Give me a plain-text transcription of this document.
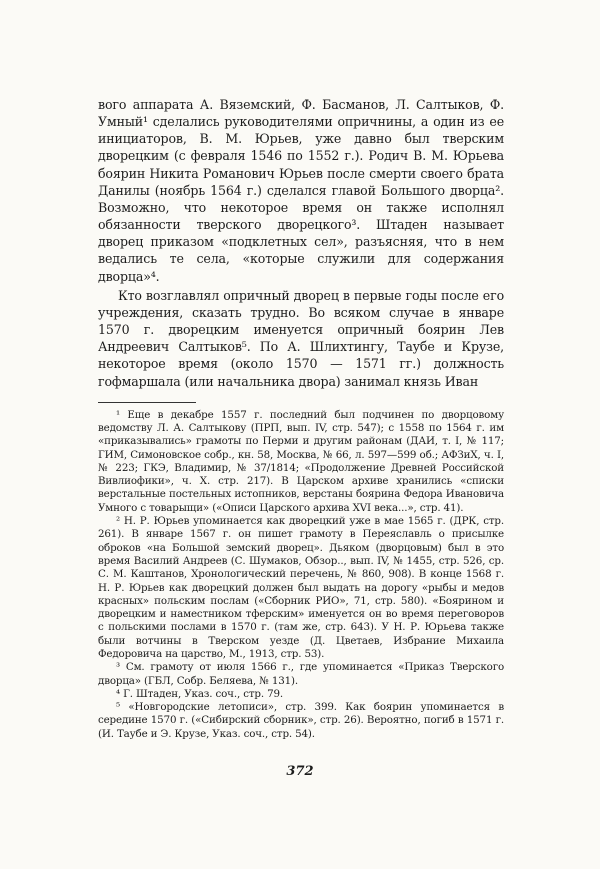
вого аппарата А. Вяземский, Ф. Басманов, Л. Салтыков, Ф. Умный¹ сделались руководителями опричнины, а один из ее инициаторов, В. М. Юрьев, уже давно был тверским дворецким (с февраля 1546 по 1552 г.). Родич В. М. Юрьева боярин Никита Романович Юрьев после смерти своего брата Данилы (ноябрь 1564 г.) сделался главой Большого дворца². Возможно, что некоторое время он также исполнял обязанности тверского дворецкого³. Штаден называет дворец приказом «подклетных сел», разъясняя, что в нем ведались те села, «которые служили для содержания дворца»⁴.

Кто возглавлял опричный дворец в первые годы после его учреждения, сказать трудно. Во всяком случае в январе 1570 г. дворецким именуется опричный боярин Лев Андреевич Салтыков⁵. По А. Шлихтингу, Таубе и Крузе, некоторое время (около 1570 — 1571 гг.) должность гофмаршала (или начальника двора) занимал князь Иван

¹ Еще в декабре 1557 г. последний был подчинен по дворцовому ведомству Л. А. Салтыкову (ПРП, вып. IV, стр. 547); с 1558 по 1564 г. им «приказывались» грамоты по Перми и другим районам (ДАИ, т. I, № 117; ГИМ, Симоновское собр., кн. 58, Москва, № 66, л. 597—599 об.; АФЗиХ, ч. I, № 223; ГКЭ, Владимир, № 37/1814; «Продолжение Древней Российской Вивлиофики», ч. X. стр. 217). В Царском архиве хранились «списки верстальные постельных истопников, верстаны боярина Федора Ивановича Умного с товарыщи» («Описи Царского архива XVI века...», стр. 41).

² Н. Р. Юрьев упоминается как дворецкий уже в мае 1565 г. (ДРК, стр. 261). В январе 1567 г. он пишет грамоту в Переяславль о присылке оброков «на Большой земский дворец». Дьяком (дворцовым) был в это время Василий Андреев (С. Шумаков, Обзор.., вып. IV, № 1455, стр. 526, ср. С. М. Каштанов, Хронологический перечень, № 860, 908). В конце 1568 г. Н. Р. Юрьев как дворецкий должен был выдать на дорогу «рыбы и медов красных» польским послам («Сборник РИО», 71, стр. 580). «Боярином и дворецким и наместником тферским» именуется он во время переговоров с польскими послами в 1570 г. (там же, стр. 643). У Н. Р. Юрьева также были вотчины в Тверском уезде (Д. Цветаев, Избрание Михаила Федоровича на царство, М., 1913, стр. 53).

³ См. грамоту от июля 1566 г., где упоминается «Приказ Тверского дворца» (ГБЛ, Собр. Беляева, № 131).

⁴ Г. Штаден, Указ. соч., стр. 79.

⁵ «Новгородские летописи», стр. 399. Как боярин упоминается в середине 1570 г. («Сибирский сборник», стр. 26). Вероятно, погиб в 1571 г. (И. Таубе и Э. Крузе, Указ. соч., стр. 54).

372
